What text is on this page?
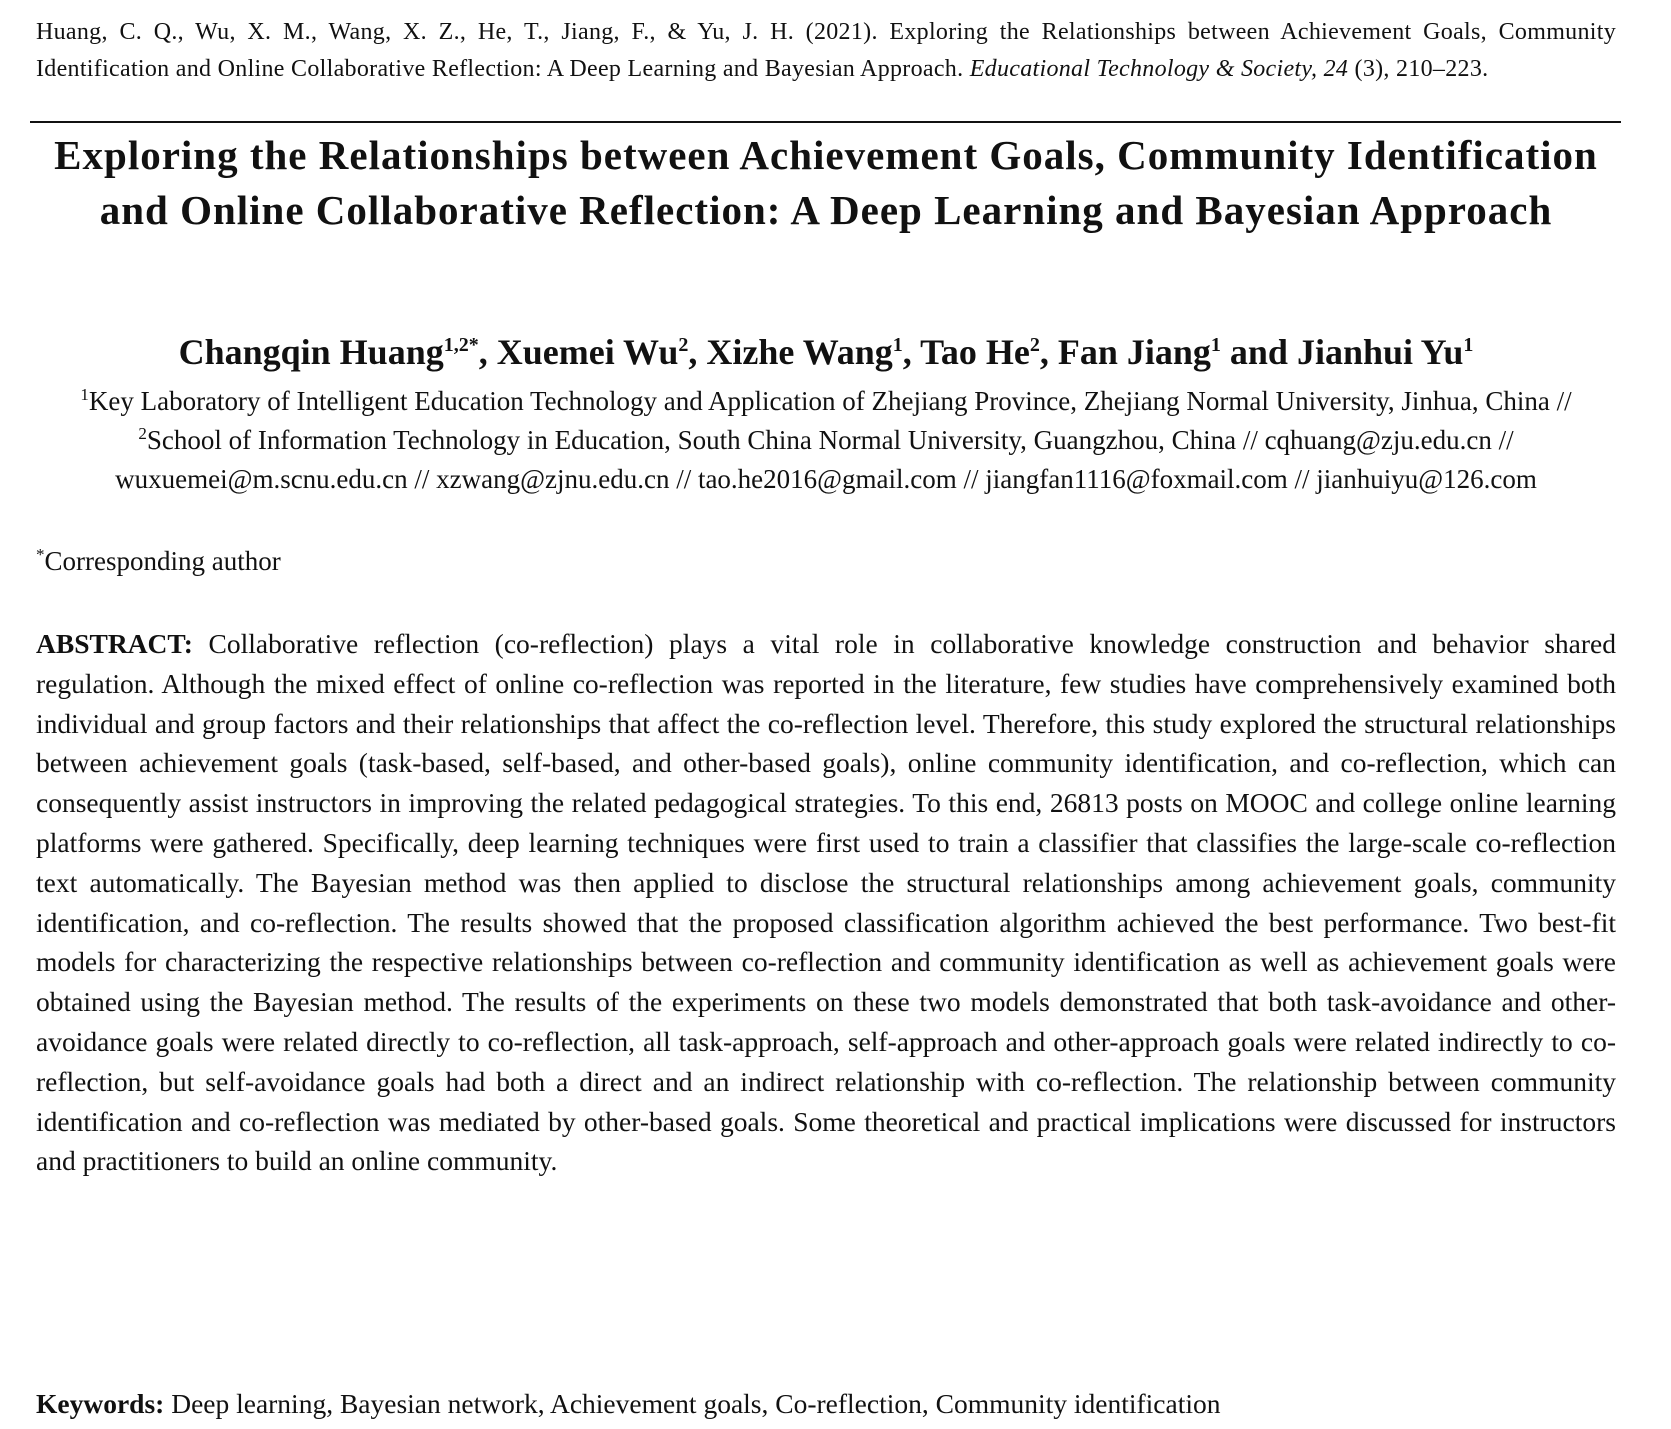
Huang, C. Q., Wu, X. M., Wang, X. Z., He, T., Jiang, F., & Yu, J. H. (2021). Exploring the Relationships between Achievement Goals, Community Identification and Online Collaborative Reflection: A Deep Learning and Bayesian Approach. Educational Technology & Society, 24 (3), 210–223.
Exploring the Relationships between Achievement Goals, Community Identification and Online Collaborative Reflection: A Deep Learning and Bayesian Approach
Changqin Huang$^{1,2*}$, Xuemei Wu$^2$, Xizhe Wang$^1$, Tao He$^2$, Fan Jiang$^1$ and Jianhui Yu$^1$
$^1$Key Laboratory of Intelligent Education Technology and Application of Zhejiang Province, Zhejiang Normal University, Jinhua, China // $^2$School of Information Technology in Education, South China Normal University, Guangzhou, China // cqhuang@zju.edu.cn // wuxuemei@m.scnu.edu.cn // xzwang@zjnu.edu.cn // tao.he2016@gmail.com // jiangfan1116@foxmail.com // jianhuiyu@126.com
*Corresponding author
ABSTRACT: Collaborative reflection (co-reflection) plays a vital role in collaborative knowledge construction and behavior shared regulation. Although the mixed effect of online co-reflection was reported in the literature, few studies have comprehensively examined both individual and group factors and their relationships that affect the co-reflection level. Therefore, this study explored the structural relationships between achievement goals (task-based, self-based, and other-based goals), online community identification, and co-reflection, which can consequently assist instructors in improving the related pedagogical strategies. To this end, 26813 posts on MOOC and college online learning platforms were gathered. Specifically, deep learning techniques were first used to train a classifier that classifies the large-scale co-reflection text automatically. The Bayesian method was then applied to disclose the structural relationships among achievement goals, community identification, and co-reflection. The results showed that the proposed classification algorithm achieved the best performance. Two best-fit models for characterizing the respective relationships between co-reflection and community identification as well as achievement goals were obtained using the Bayesian method. The results of the experiments on these two models demonstrated that both task-avoidance and other-avoidance goals were related directly to co-reflection, all task-approach, self-approach and other-approach goals were related indirectly to co-reflection, but self-avoidance goals had both a direct and an indirect relationship with co-reflection. The relationship between community identification and co-reflection was mediated by other-based goals. Some theoretical and practical implications were discussed for instructors and practitioners to build an online community.
Keywords: Deep learning, Bayesian network, Achievement goals, Co-reflection, Community identification
